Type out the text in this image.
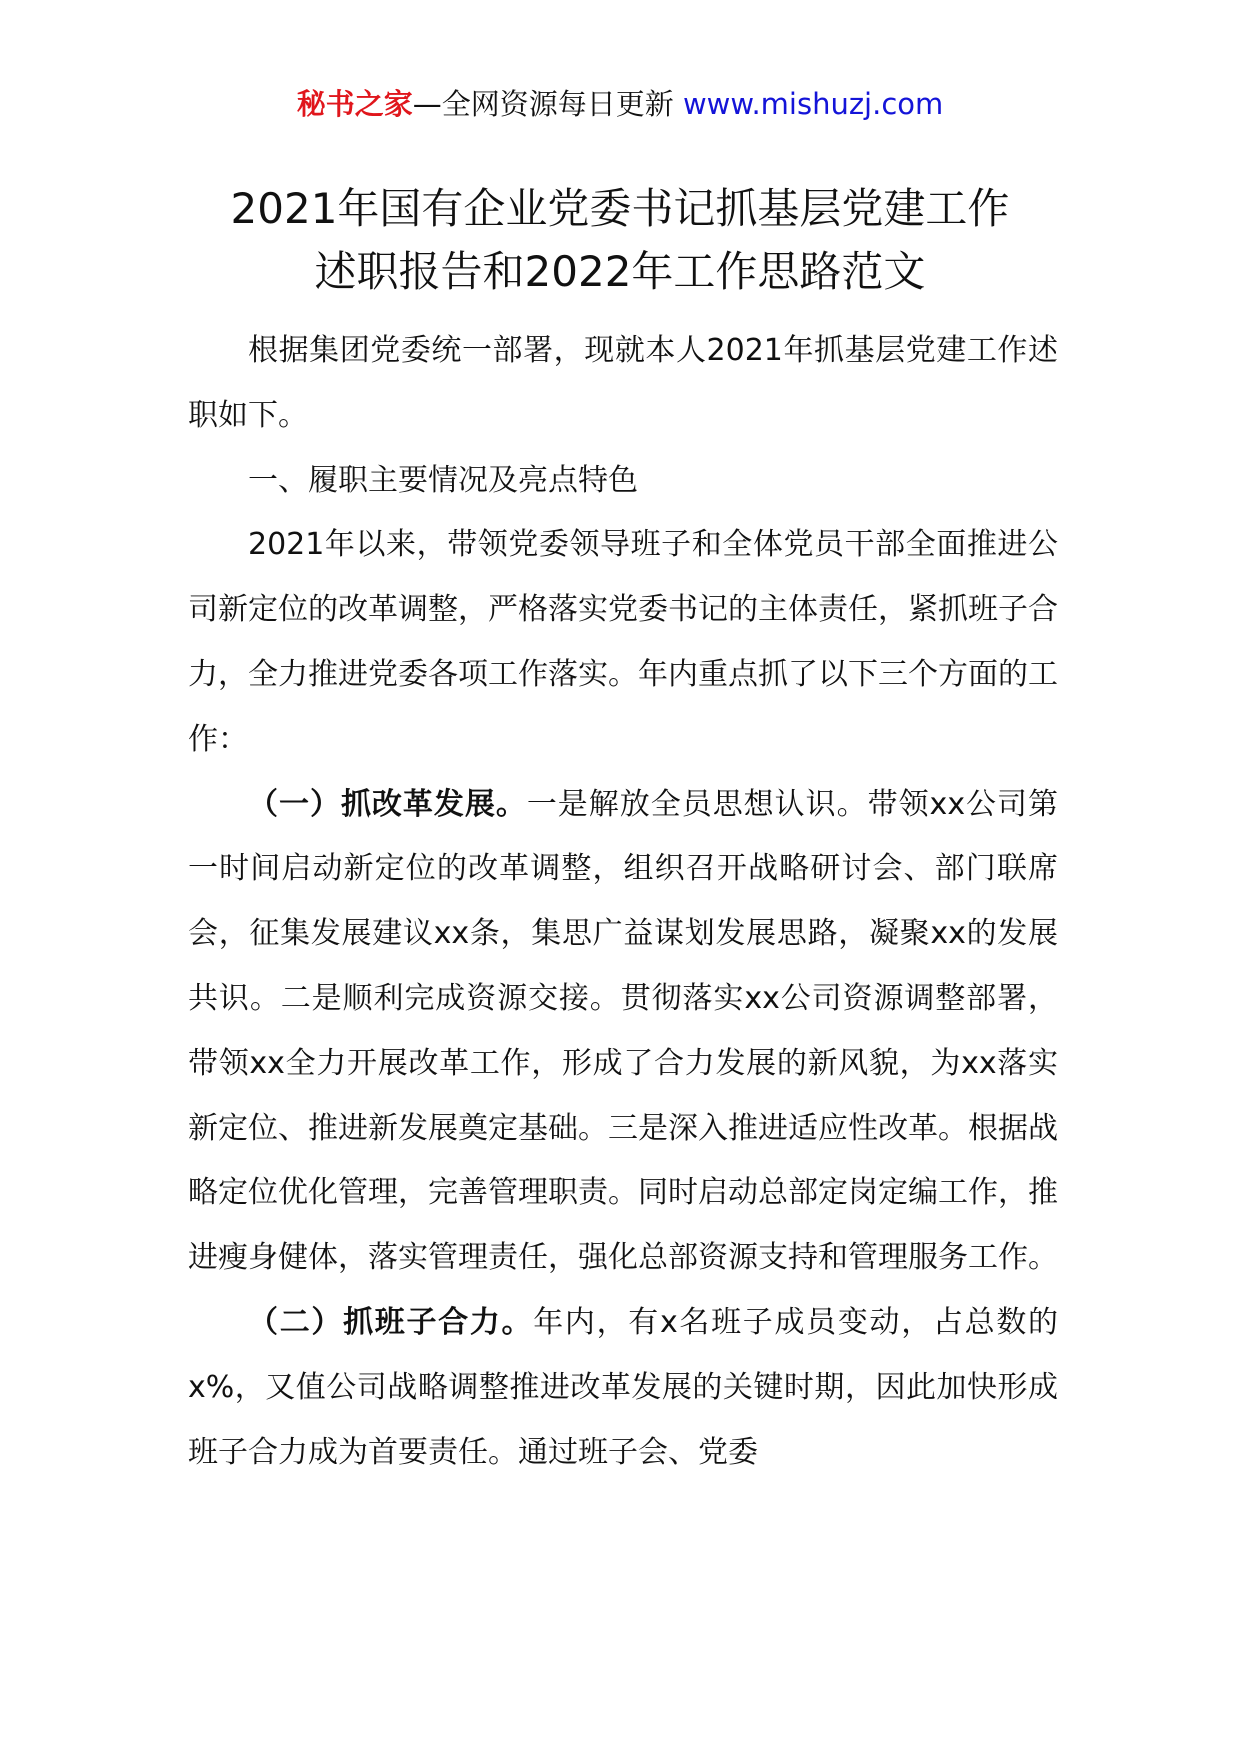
秘书之家—全网资源每日更新 www.mishuzj.com
2021年国有企业党委书记抓基层党建工作
述职报告和2022年工作思路范文

根据集团党委统一部署，现就本人2021年抓基层党建工作述职如下。

一、履职主要情况及亮点特色

2021年以来，带领党委领导班子和全体党员干部全面推进公司新定位的改革调整，严格落实党委书记的主体责任，紧抓班子合力，全力推进党委各项工作落实。年内重点抓了以下三个方面的工作：

（一）抓改革发展。一是解放全员思想认识。带领xx公司第一时间启动新定位的改革调整，组织召开战略研讨会、部门联席会，征集发展建议xx条，集思广益谋划发展思路，凝聚xx的发展共识。二是顺利完成资源交接。贯彻落实xx公司资源调整部署，带领xx全力开展改革工作，形成了合力发展的新风貌，为xx落实新定位、推进新发展奠定基础。三是深入推进适应性改革。根据战略定位优化管理，完善管理职责。同时启动总部定岗定编工作，推进瘦身健体，落实管理责任，强化总部资源支持和管理服务工作。

（二）抓班子合力。年内，有x名班子成员变动，占总数的x%，又值公司战略调整推进改革发展的关键时期，因此加快形成班子合力成为首要责任。通过班子会、党委
